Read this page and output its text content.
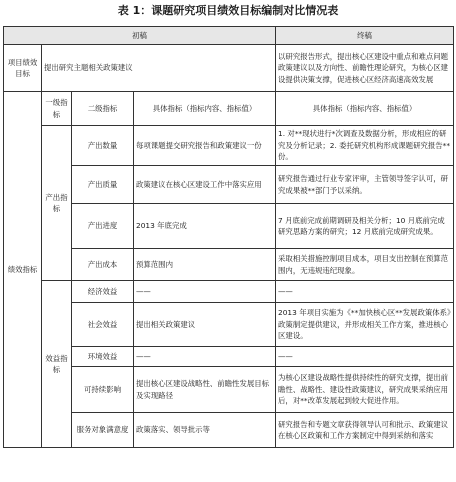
表 1：课题研究项目绩效目标编制对比情况表
初稿				终稿
项目绩效目标	提出研究主题相关政策建议			以研究报告形式，提出核心区建设中重点和难点问题政策建议以及方向性、前瞻性理论研究，为核心区建设提供决策支撑，促进核心区经济高速高效发展
绩效指标	一级指标	二级指标	具体指标（指标内容、指标值）	具体指标（指标内容、指标值）
	产出指标	产出数量	每项课题提交研究报告和政策建议一份	1. 对**现状进行*次调查及数据分析，形成相应的研究及分析记录；2. 委托研究机构形成课题研究报告**份。
		产出质量	政策建议在核心区建设工作中落实应用	研究报告通过行业专家评审，主管领导签字认可，研究成果被**部门予以采纳。
		产出进度	2013 年底完成	7 月底前完成前期调研及相关分析；10 月底前完成研究思路方案的研究；12 月底前完成研究成果。
		产出成本	预算范围内	采取相关措施控制项目成本，项目支出控制在预算范围内，无违规违纪现象。
	效益指标	经济效益	——	——
		社会效益	提出相关政策建议	2013 年项目实施为《**加快核心区**发展政策体系》政策制定提供建议，并形成相关工作方案，推进核心区建设。
		环境效益	——	——
		可持续影响	提出核心区建设战略性、前瞻性发展目标及实现路径	为核心区建设战略性提供持续性的研究支撑，提出前瞻性、战略性、建设性政策建议，研究成果采纳应用后，对**改革发展起到较大促进作用。
		服务对象满意度	政策落实、领导批示等	研究报告和专题文章获得领导认可和批示、政策建议在核心区政策和工作方案制定中得到采纳和落实
